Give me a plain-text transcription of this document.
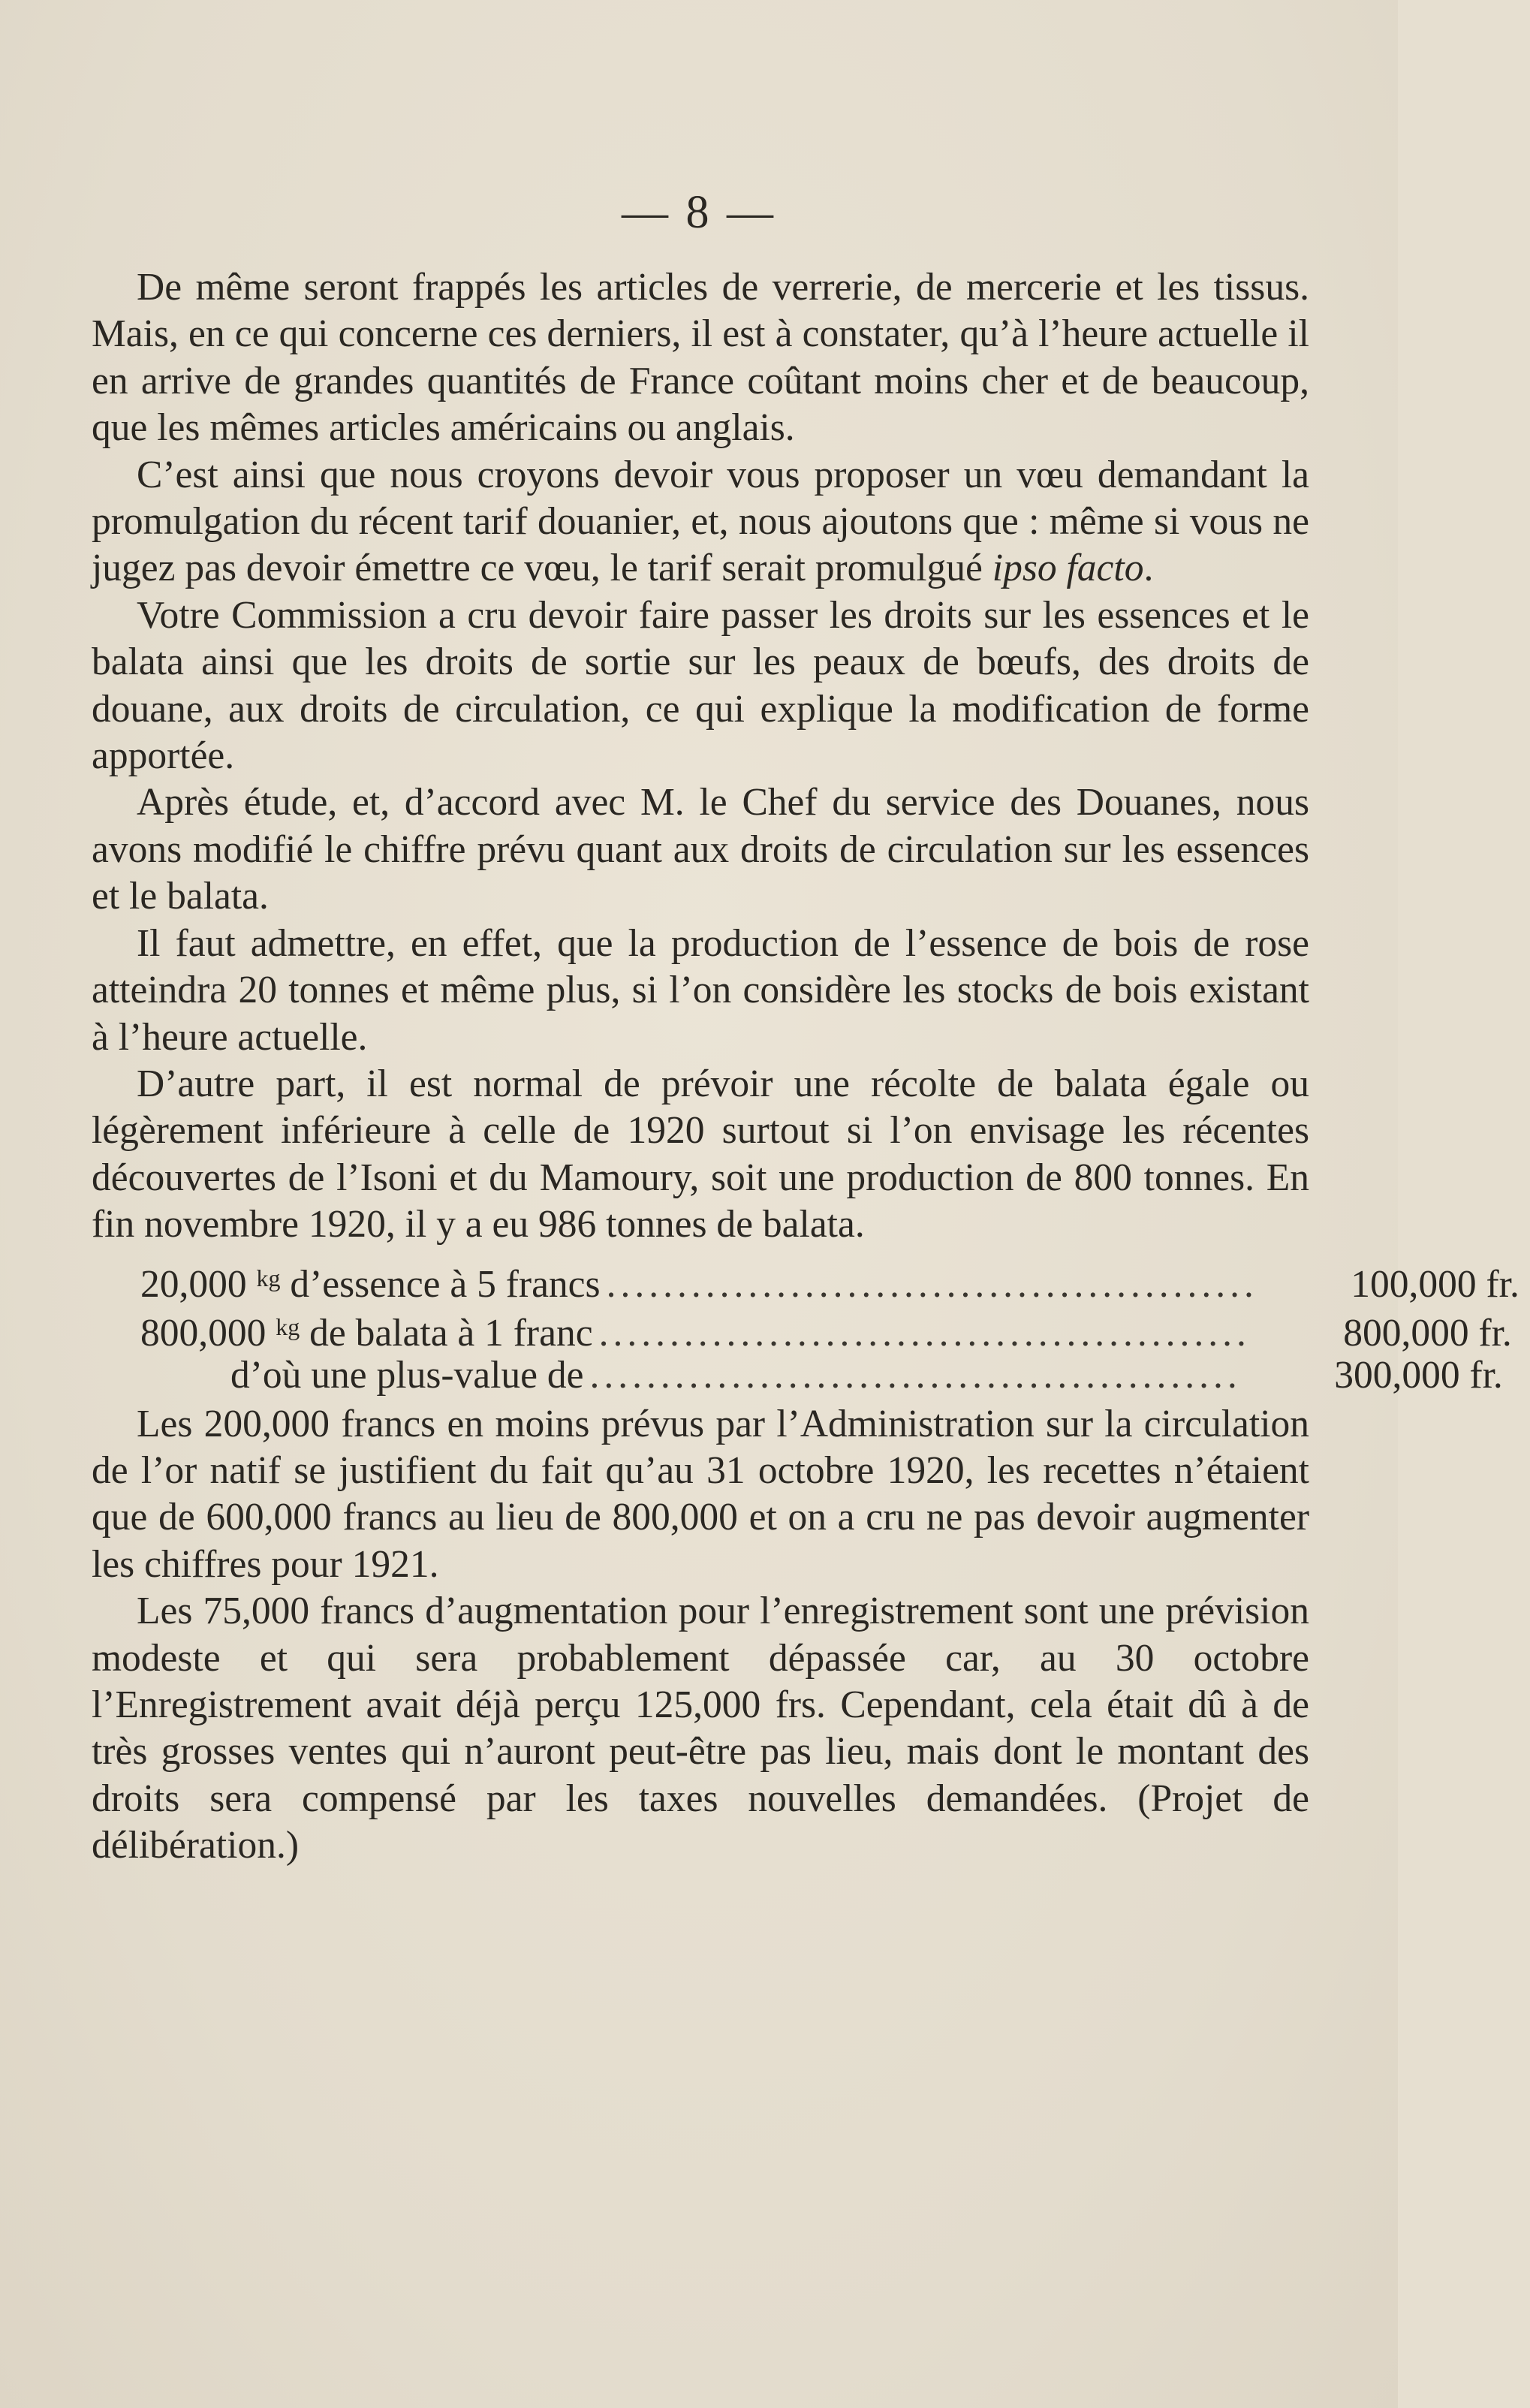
— 8 —

De même seront frappés les articles de verrerie, de mercerie et les tissus. Mais, en ce qui concerne ces derniers, il est à constater, qu’à l’heure actuelle il en arrive de grandes quantités de France coûtant moins cher et de beaucoup, que les mêmes articles américains ou anglais.

C’est ainsi que nous croyons devoir vous proposer un vœu demandant la promulgation du récent tarif douanier, et, nous ajoutons que : même si vous ne jugez pas devoir émettre ce vœu, le tarif serait promulgué ipso facto.

Votre Commission a cru devoir faire passer les droits sur les essences et le balata ainsi que les droits de sortie sur les peaux de bœufs, des droits de douane, aux droits de circulation, ce qui explique la modification de forme apportée.

Après étude, et, d’accord avec M. le Chef du service des Douanes, nous avons modifié le chiffre prévu quant aux droits de circulation sur les essences et le balata.

Il faut admettre, en effet, que la production de l’essence de bois de rose atteindra 20 tonnes et même plus, si l’on considère les stocks de bois existant à l’heure actuelle.

D’autre part, il est normal de prévoir une récolte de balata égale ou légèrement inférieure à celle de 1920 surtout si l’on envisage les récentes découvertes de l’Isoni et du Mamoury, soit une production de 800 tonnes. En fin novembre 1920, il y a eu 986 tonnes de balata.

20,000 $^{kg}$ d’essence à 5 francs ..............................................	100,000 fr.
800,000 $^{kg}$ de balata à 1 franc ..............................................	800,000 fr.
d’où une plus-value de ..............................................	300,000 fr.

Les 200,000 francs en moins prévus par l’Administration sur la circulation de l’or natif se justifient du fait qu’au 31 octobre 1920, les recettes n’étaient que de 600,000 francs au lieu de 800,000 et on a cru ne pas devoir augmenter les chiffres pour 1921.

Les 75,000 francs d’augmentation pour l’enregistrement sont une prévision modeste et qui sera probablement dépassée car, au 30 octobre l’Enregistrement avait déjà perçu 125,000 frs. Cependant, cela était dû à de très grosses ventes qui n’auront peut-être pas lieu, mais dont le montant des droits sera compensé par les taxes nouvelles demandées. (Projet de délibération.)
